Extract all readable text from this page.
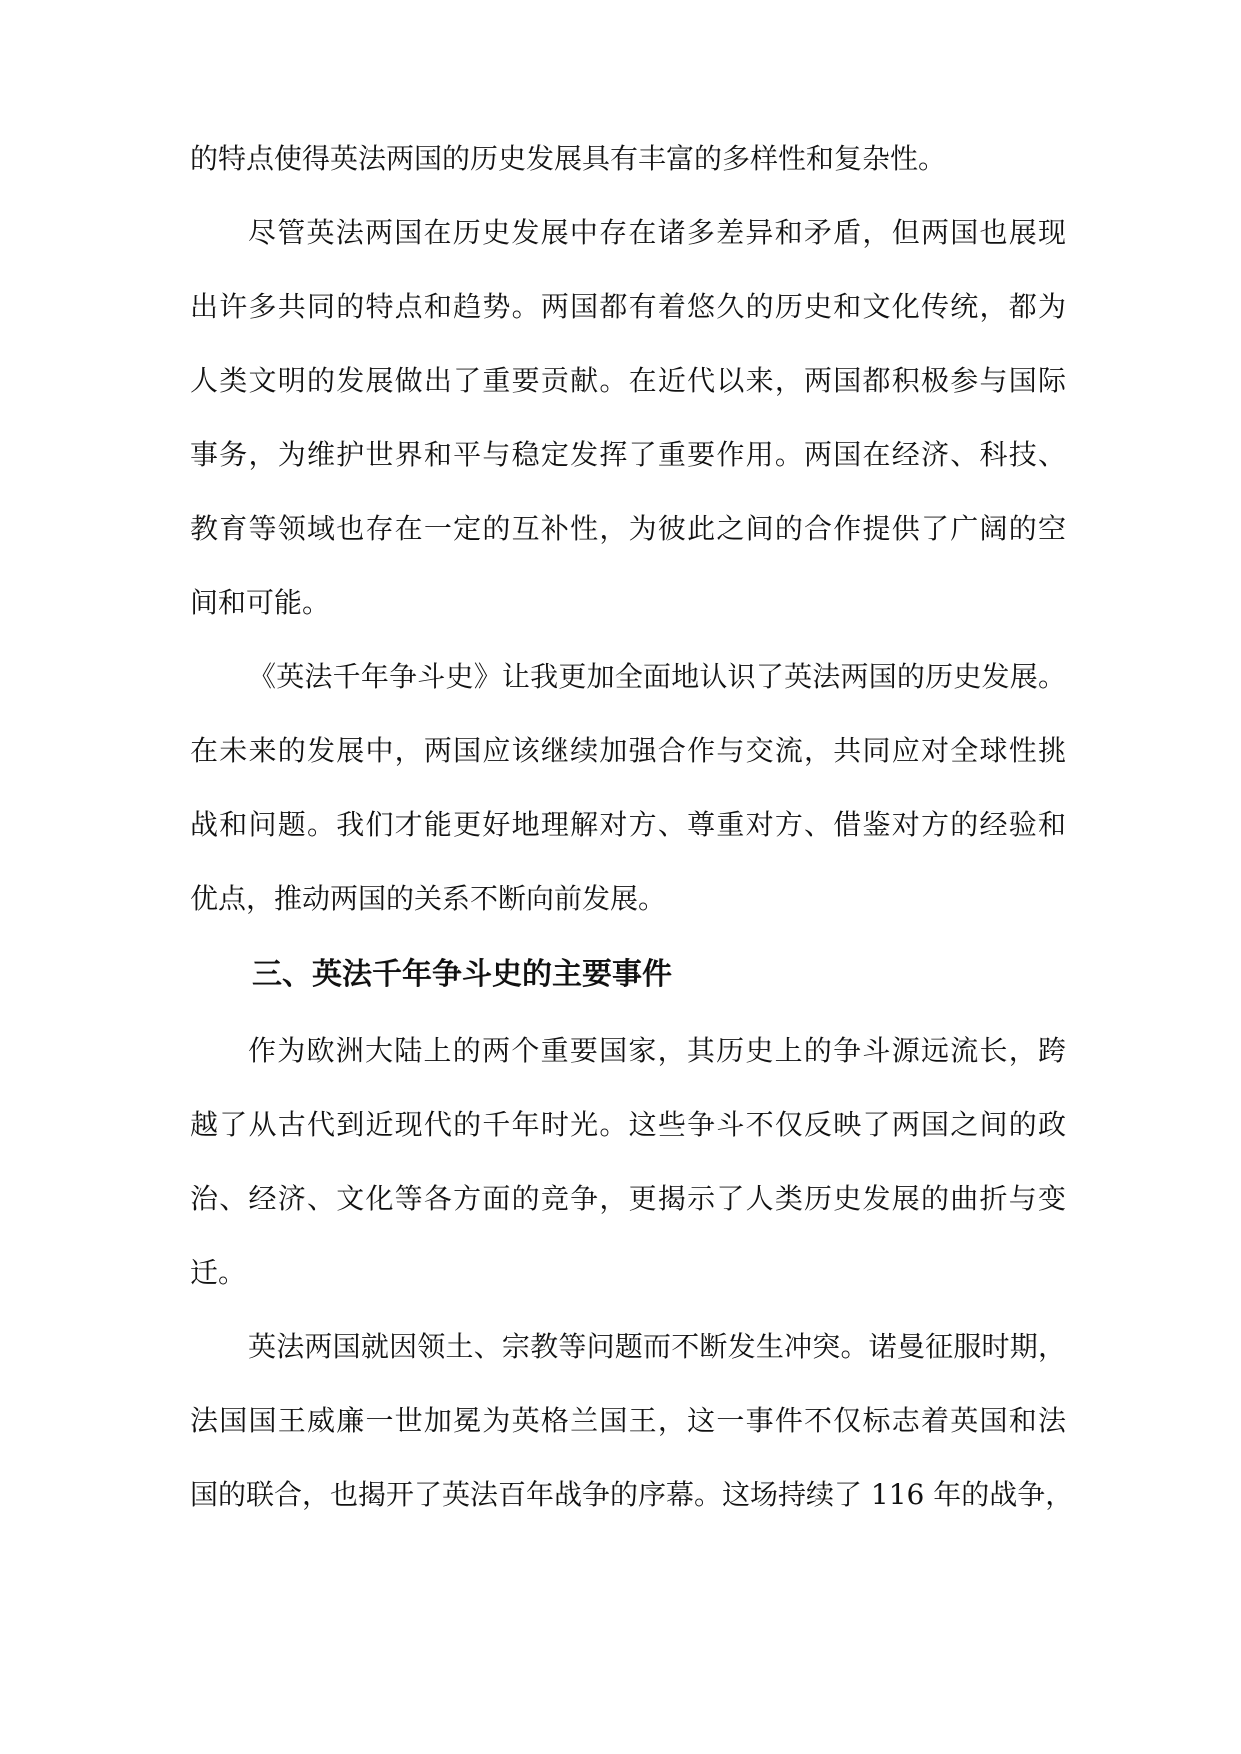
的特点使得英法两国的历史发展具有丰富的多样性和复杂性。
尽管英法两国在历史发展中存在诸多差异和矛盾，但两国也展现
出许多共同的特点和趋势。两国都有着悠久的历史和文化传统，都为
人类文明的发展做出了重要贡献。在近代以来，两国都积极参与国际
事务，为维护世界和平与稳定发挥了重要作用。两国在经济、科技、
教育等领域也存在一定的互补性，为彼此之间的合作提供了广阔的空
间和可能。
《英法千年争斗史》让我更加全面地认识了英法两国的历史发展。
在未来的发展中，两国应该继续加强合作与交流，共同应对全球性挑
战和问题。我们才能更好地理解对方、尊重对方、借鉴对方的经验和
优点，推动两国的关系不断向前发展。
三、英法千年争斗史的主要事件
作为欧洲大陆上的两个重要国家，其历史上的争斗源远流长，跨
越了从古代到近现代的千年时光。这些争斗不仅反映了两国之间的政
治、经济、文化等各方面的竞争，更揭示了人类历史发展的曲折与变
迁。
英法两国就因领土、宗教等问题而不断发生冲突。诺曼征服时期，
法国国王威廉一世加冕为英格兰国王，这一事件不仅标志着英国和法
国的联合，也揭开了英法百年战争的序幕。这场持续了 116 年的战争，
